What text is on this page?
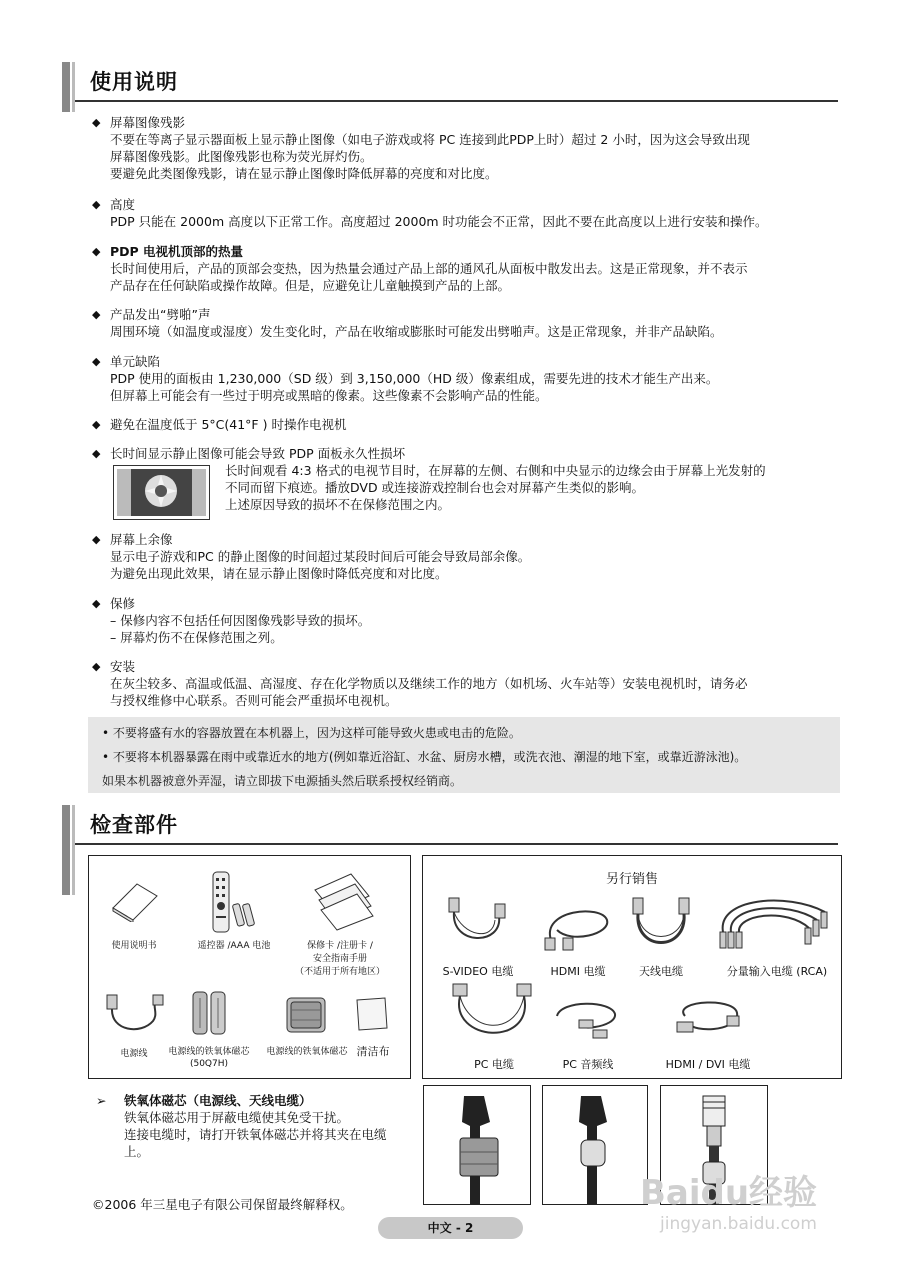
使用说明
◆ 屏幕图像残影
不要在等离子显示器面板上显示静止图像（如电子游戏或将 PC 连接到此PDP上时）超过 2 小时，因为这会导致出现
屏幕图像残影。此图像残影也称为荧光屏灼伤。
要避免此类图像残影，请在显示静止图像时降低屏幕的亮度和对比度。
◆ 高度
PDP 只能在 2000m 高度以下正常工作。高度超过 2000m 时功能会不正常，因此不要在此高度以上进行安装和操作。
◆ PDP 电视机顶部的热量
长时间使用后，产品的顶部会变热，因为热量会通过产品上部的通风孔从面板中散发出去。这是正常现象，并不表示
产品存在任何缺陷或操作故障。但是，应避免让儿童触摸到产品的上部。
◆ 产品发出“劈啪”声
周围环境（如温度或湿度）发生变化时，产品在收缩或膨胀时可能发出劈啪声。这是正常现象，并非产品缺陷。
◆ 单元缺陷
PDP 使用的面板由 1,230,000（SD 级）到 3,150,000（HD 级）像素组成，需要先进的技术才能生产出来。
但屏幕上可能会有一些过于明亮或黑暗的像素。这些像素不会影响产品的性能。
◆ 避免在温度低于 5°C(41°F ) 时操作电视机
◆ 长时间显示静止图像可能会导致 PDP 面板永久性损坏
长时间观看 4:3 格式的电视节目时，在屏幕的左侧、右侧和中央显示的边缘会由于屏幕上光发射的
不同而留下痕迹。播放DVD 或连接游戏控制台也会对屏幕产生类似的影响。
上述原因导致的损坏不在保修范围之内。
◆ 屏幕上余像
显示电子游戏和PC 的静止图像的时间超过某段时间后可能会导致局部余像。
为避免出现此效果，请在显示静止图像时降低亮度和对比度。
◆ 保修
– 保修内容不包括任何因图像残影导致的损坏。
– 屏幕灼伤不在保修范围之列。
◆ 安装
在灰尘较多、高温或低温、高湿度、存在化学物质以及继续工作的地方（如机场、火车站等）安装电视机时，请务必
与授权维修中心联系。否则可能会严重损坏电视机。
• 不要将盛有水的容器放置在本机器上，因为这样可能导致火患或电击的危险。
• 不要将本机器暴露在雨中或靠近水的地方(例如靠近浴缸、水盆、厨房水槽，或洗衣池、潮湿的地下室，或靠近游泳池)。
如果本机器被意外弄湿，请立即拔下电源插头然后联系授权经销商。
检查部件
使用说明书	遥控器 /AAA 电池	保修卡 /注册卡 /
安全指南手册
（不适用于所有地区）
电源线	电源线的铁氧体磁芯
(50Q7H)
电源线的铁氧体磁芯 清洁布
另行销售
S-VIDEO 电缆	HDMI 电缆	天线电缆	分量输入电缆 (RCA)
PC 电缆	PC 音频线	HDMI / DVI 电缆
➢ 铁氧体磁芯（电源线、天线电缆）
铁氧体磁芯用于屏蔽电缆使其免受干扰。
连接电缆时，请打开铁氧体磁芯并将其夹在电缆
上。
©2006 年三星电子有限公司保留最终解释权。
中文 - 2
Baidu经验
jingyan.baidu.com
